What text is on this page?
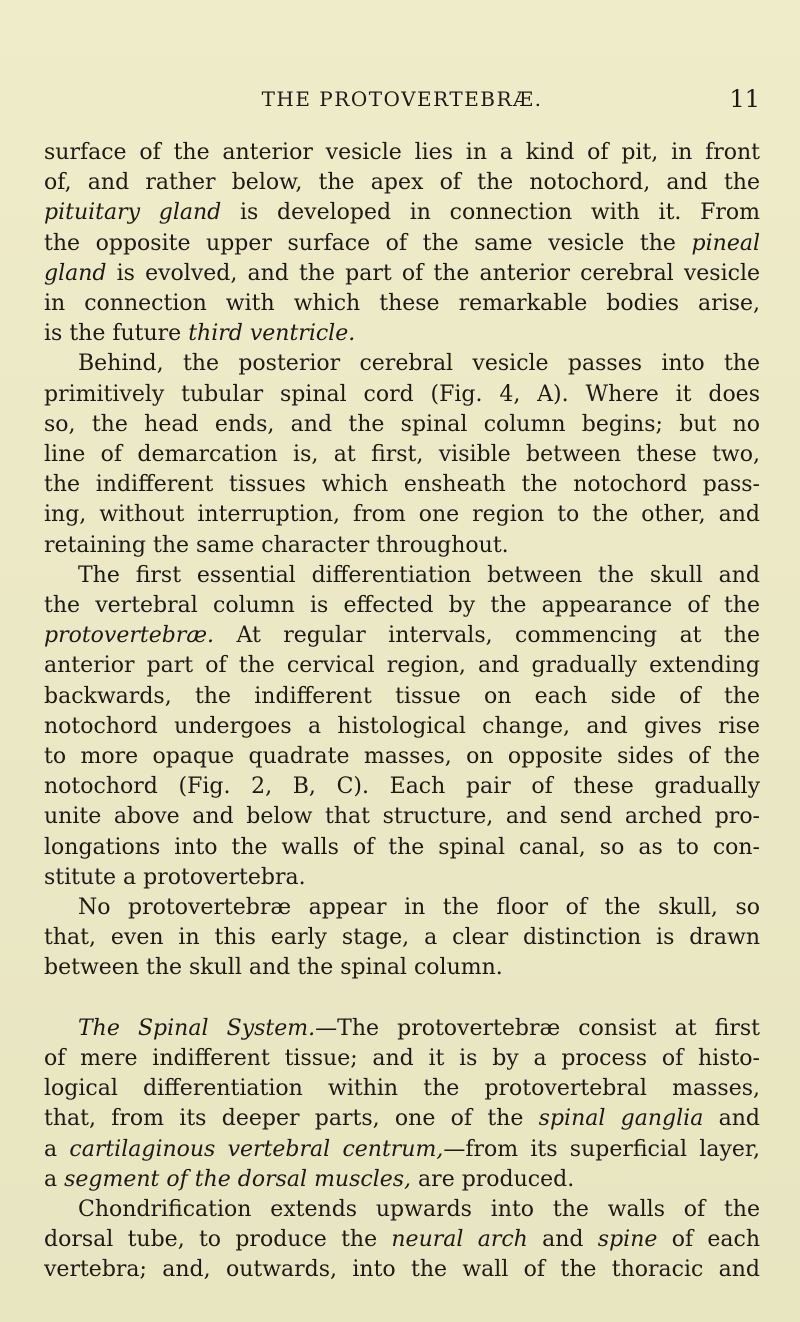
THE PROTOVERTEBRÆ.	11
surface of the anterior vesicle lies in a kind of pit, in front
of, and rather below, the apex of the notochord, and the
pituitary gland is developed in connection with it. From
the opposite upper surface of the same vesicle the pineal
gland is evolved, and the part of the anterior cerebral vesicle
in connection with which these remarkable bodies arise,
is the future third ventricle.
Behind, the posterior cerebral vesicle passes into the
primitively tubular spinal cord (Fig. 4, A). Where it does
so, the head ends, and the spinal column begins; but no
line of demarcation is, at first, visible between these two,
the indifferent tissues which ensheath the notochord pass-
ing, without interruption, from one region to the other, and
retaining the same character throughout.
The first essential differentiation between the skull and
the vertebral column is effected by the appearance of the
protovertebræ. At regular intervals, commencing at the
anterior part of the cervical region, and gradually extending
backwards, the indifferent tissue on each side of the
notochord undergoes a histological change, and gives rise
to more opaque quadrate masses, on opposite sides of the
notochord (Fig. 2, B, C). Each pair of these gradually
unite above and below that structure, and send arched pro-
longations into the walls of the spinal canal, so as to con-
stitute a protovertebra.
No protovertebræ appear in the floor of the skull, so
that, even in this early stage, a clear distinction is drawn
between the skull and the spinal column.
The Spinal System.—The protovertebræ consist at first
of mere indifferent tissue; and it is by a process of histo-
logical differentiation within the protovertebral masses,
that, from its deeper parts, one of the spinal ganglia and
a cartilaginous vertebral centrum,—from its superficial layer,
a segment of the dorsal muscles, are produced.
Chondrification extends upwards into the walls of the
dorsal tube, to produce the neural arch and spine of each
vertebra; and, outwards, into the wall of the thoracic and
